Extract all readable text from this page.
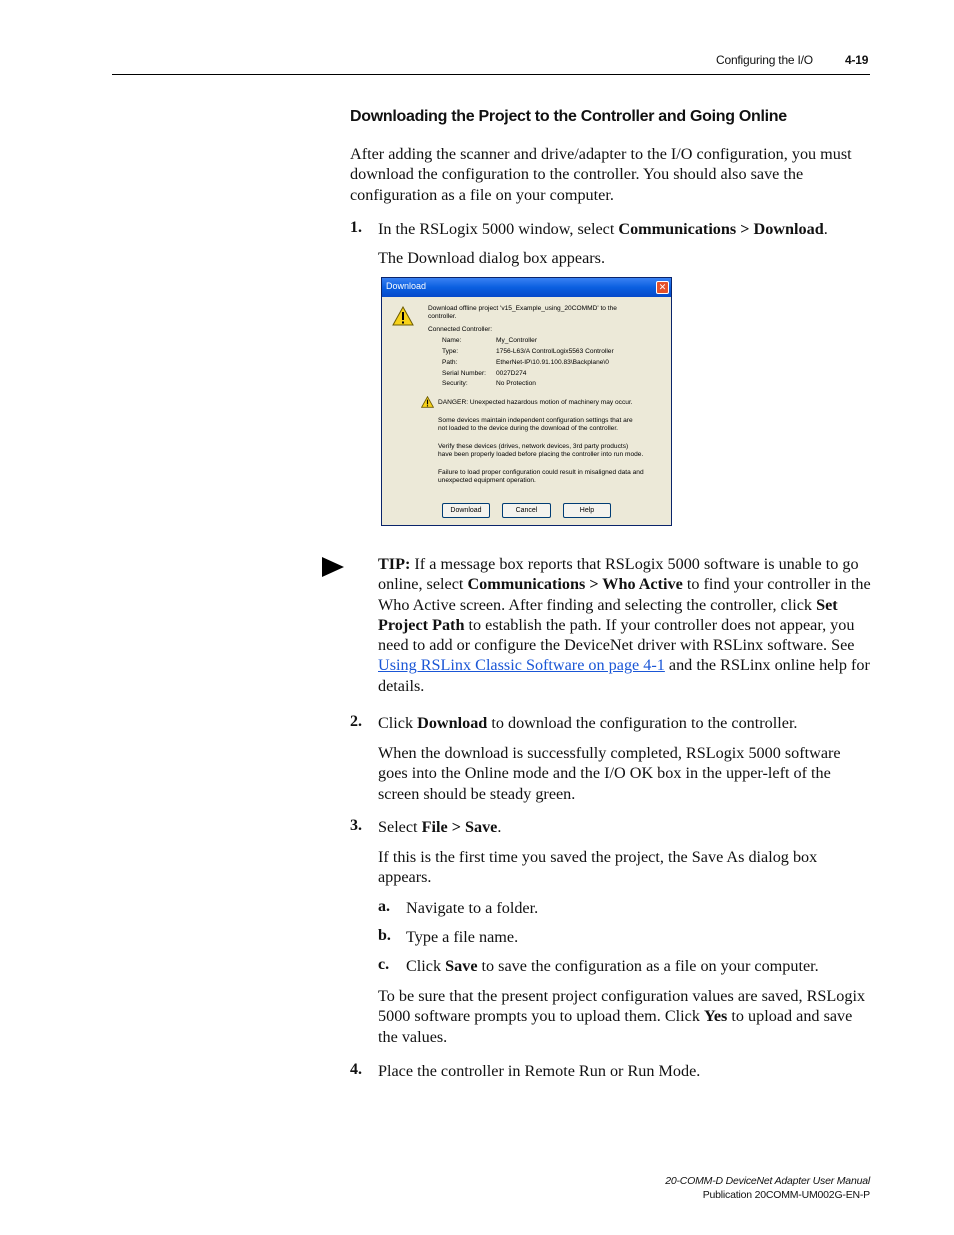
Configuring the I/O	4-19
Downloading the Project to the Controller and Going Online
After adding the scanner and drive/adapter to the I/O configuration, you must download the configuration to the controller. You should also save the configuration as a file on your computer.
1. In the RSLogix 5000 window, select Communications > Download.
The Download dialog box appears.
Download	✕
Download offline project 'v15_Example_using_20COMMD' to the
controller.
Connected Controller:
Name:	My_Controller
Type:	1756-L63/A ControlLogix5563 Controller
Path:	EtherNet-IP\10.91.100.83\Backplane\0
Serial Number: 0027D274
Security:	No Protection
DANGER: Unexpected hazardous motion of machinery may occur.
Some devices maintain independent configuration settings that are
not loaded to the device during the download of the controller.
Verify these devices (drives, network devices, 3rd party products)
have been properly loaded before placing the controller into run mode.
Failure to load proper configuration could result in misaligned data and
unexpected equipment operation.
Download	Cancel	Help
TIP: If a message box reports that RSLogix 5000 software is unable to go online, select Communications > Who Active to find your controller in the Who Active screen. After finding and selecting the controller, click Set Project Path to establish the path. If your controller does not appear, you need to add or configure the DeviceNet driver with RSLinx software. See Using RSLinx Classic Software on page 4-1 and the RSLinx online help for details.
2. Click Download to download the configuration to the controller.
When the download is successfully completed, RSLogix 5000 software goes into the Online mode and the I/O OK box in the upper-left of the screen should be steady green.
3. Select File > Save.
If this is the first time you saved the project, the Save As dialog box appears.
a. Navigate to a folder.
b. Type a file name.
c. Click Save to save the configuration as a file on your computer.
To be sure that the present project configuration values are saved, RSLogix 5000 software prompts you to upload them. Click Yes to upload and save the values.
4. Place the controller in Remote Run or Run Mode.
20-COMM-D DeviceNet Adapter User Manual
Publication 20COMM-UM002G-EN-P
